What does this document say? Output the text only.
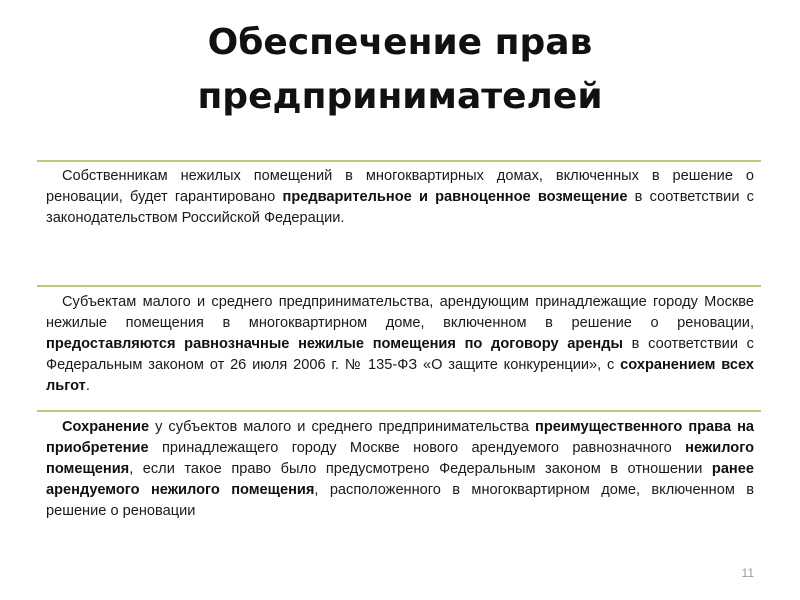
Обеспечение прав
предпринимателей

Собственникам нежилых помещений в многоквартирных домах, включенных в решение о реновации, будет гарантировано предварительное и равноценное возмещение в соответствии с законодательством Российской Федерации.

Субъектам малого и среднего предпринимательства, арендующим принадлежащие городу Москве нежилые помещения в многоквартирном доме, включенном в решение о реновации, предоставляются равнозначные нежилые помещения по договору аренды в соответствии с Федеральным законом от 26 июля 2006 г. № 135-ФЗ «О защите конкуренции», с сохранением всех льгот.

Сохранение у субъектов малого и среднего предпринимательства преимущественного права на приобретение принадлежащего городу Москве нового арендуемого равнозначного нежилого помещения, если такое право было предусмотрено Федеральным законом в отношении ранее арендуемого нежилого помещения, расположенного в многоквартирном доме, включенном в решение о реновации

11
